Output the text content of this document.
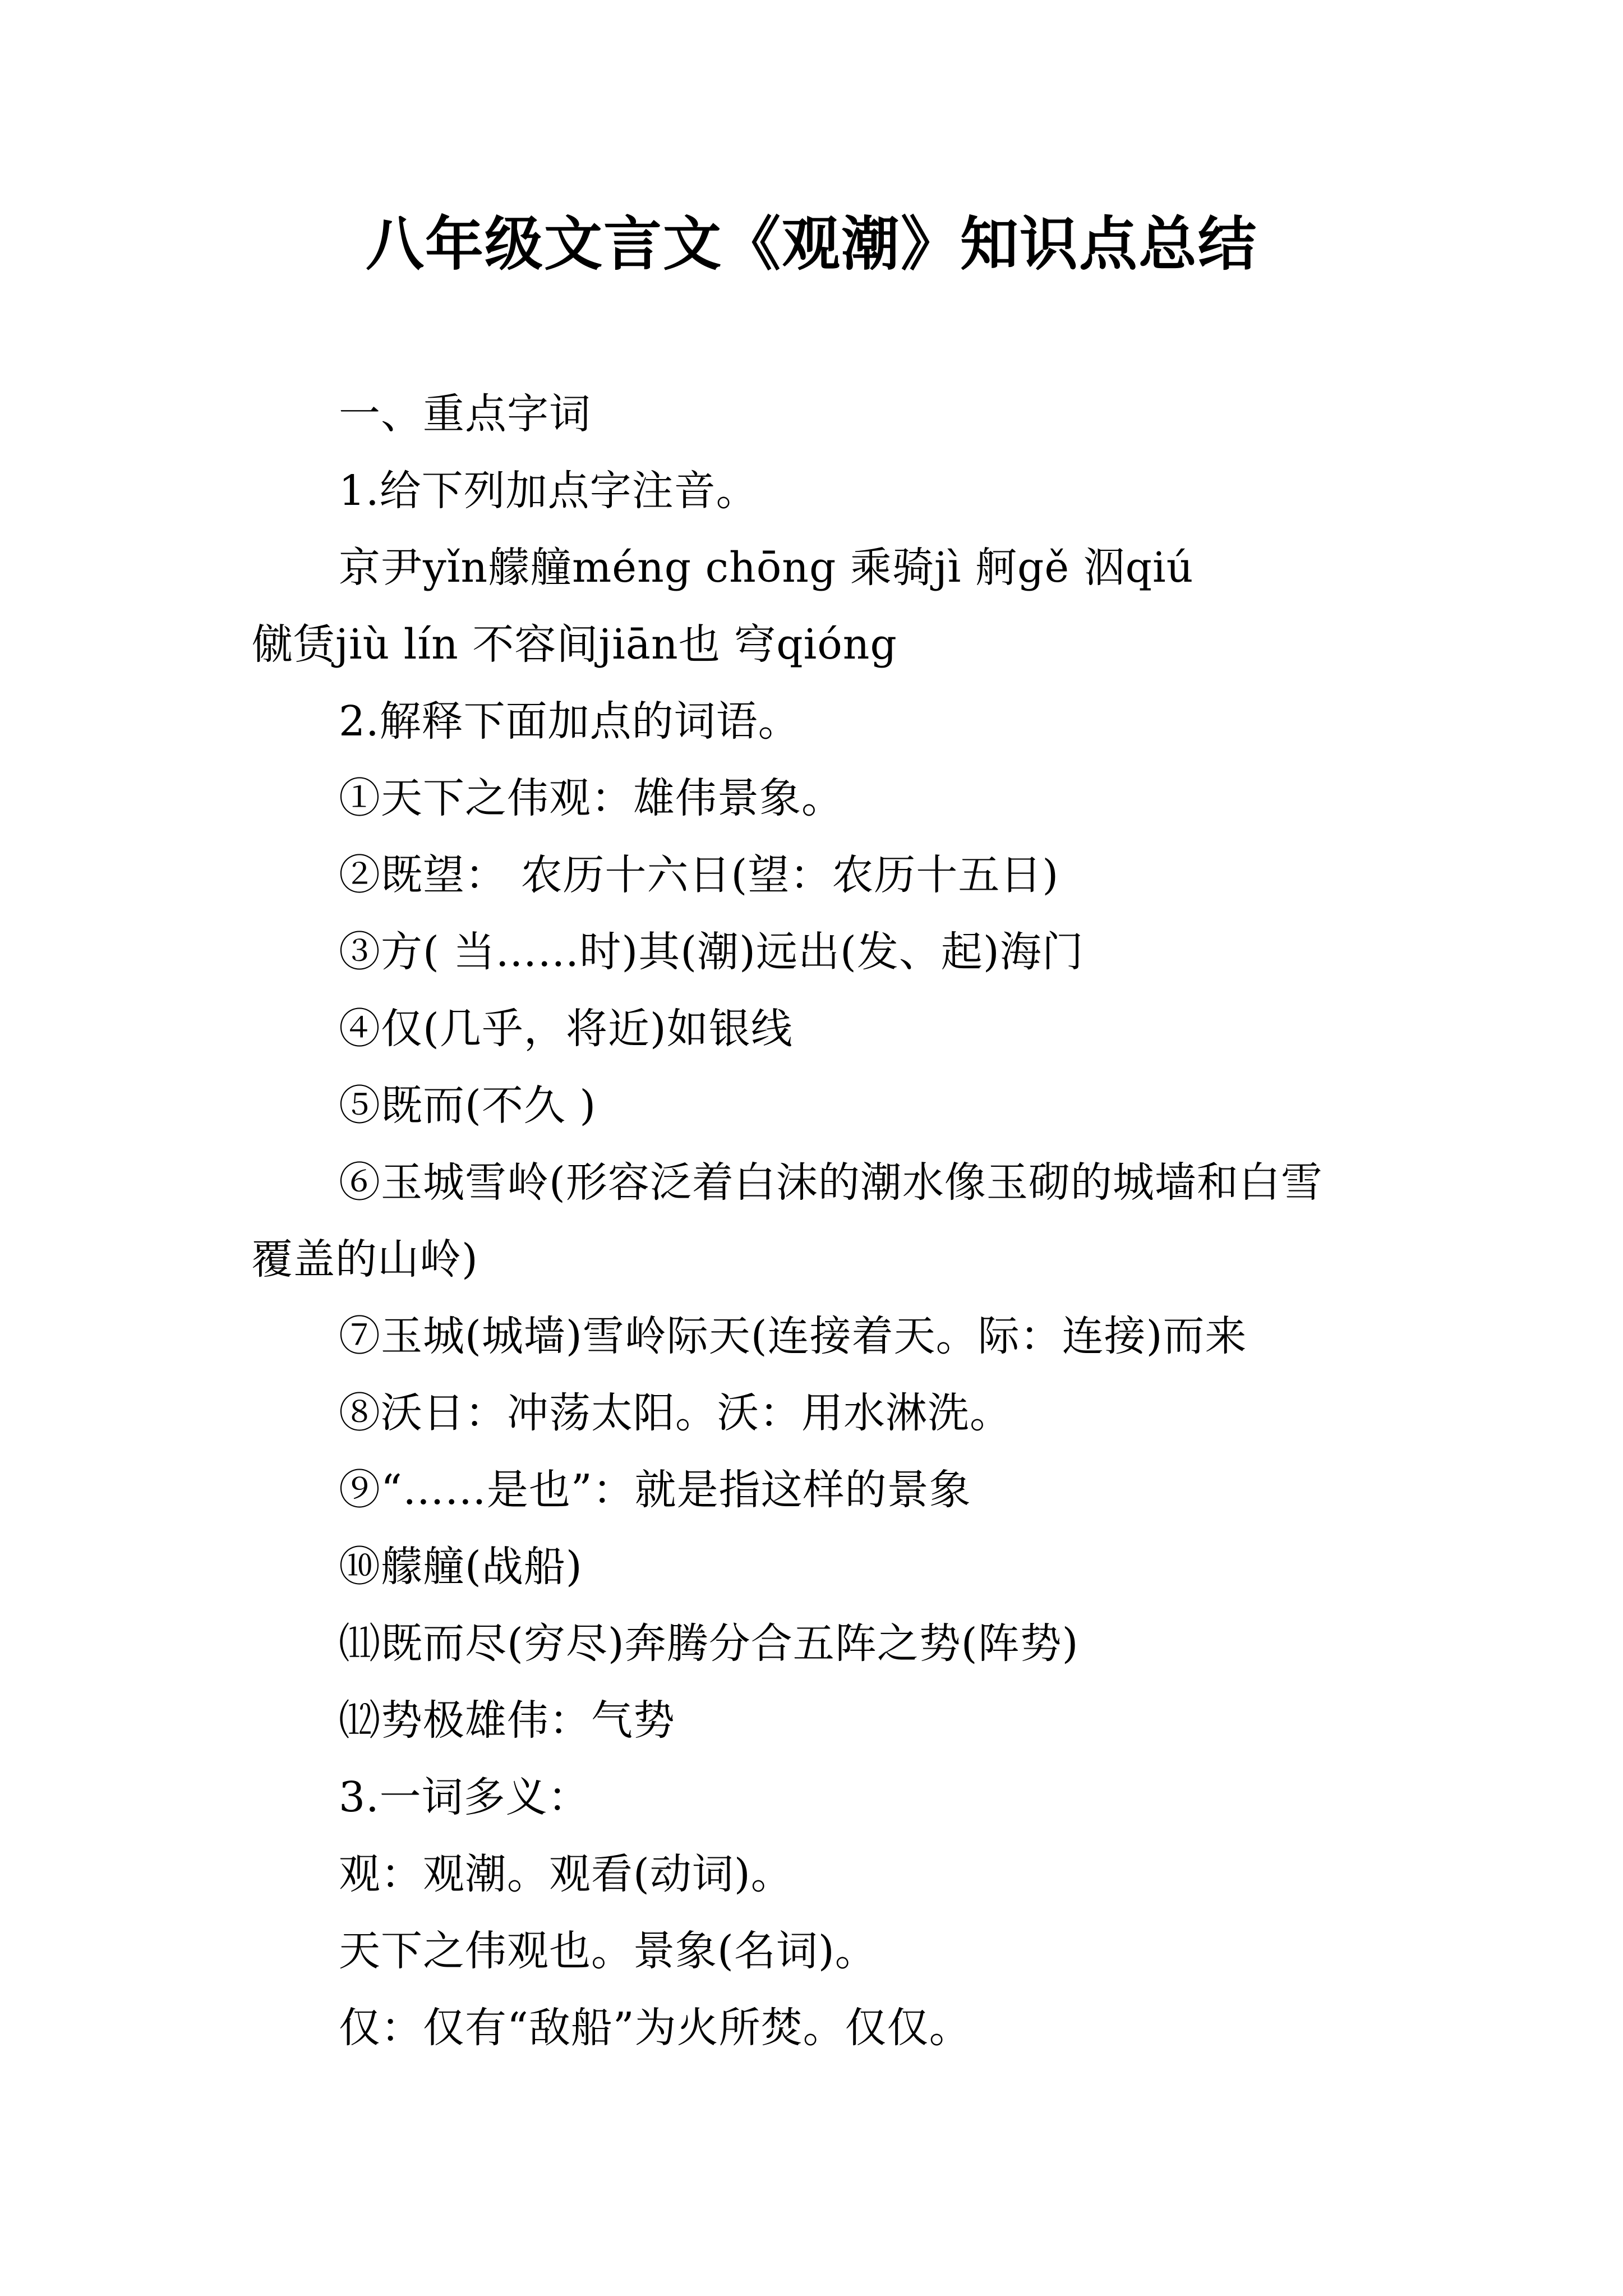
八年级文言文《观潮》知识点总结

一、重点字词

1.给下列加点字注音。

京尹yǐn艨艟méng chōng 乘骑jì 舸gě 泅qiú

僦赁jiù lín 不容间jiān也 穹qióng

2.解释下面加点的词语。

①天下之伟观：雄伟景象。

②既望： 农历十六日(望：农历十五日)

③方( 当……时)其(潮)远出(发、起)海门

④仅(几乎，将近)如银线

⑤既而(不久 )

⑥玉城雪岭(形容泛着白沫的潮水像玉砌的城墙和白雪

覆盖的山岭)

⑦玉城(城墙)雪岭际天(连接着天。际：连接)而来

⑧沃日：冲荡太阳。沃：用水淋洗。

⑨“……是也”：就是指这样的景象

⑩艨艟(战船)

⑾既而尽(穷尽)奔腾分合五阵之势(阵势)

⑿势极雄伟：气势

3.一词多义：

观：观潮。观看(动词)。

天下之伟观也。景象(名词)。

仅：仅有“敌船”为火所焚。仅仅。
